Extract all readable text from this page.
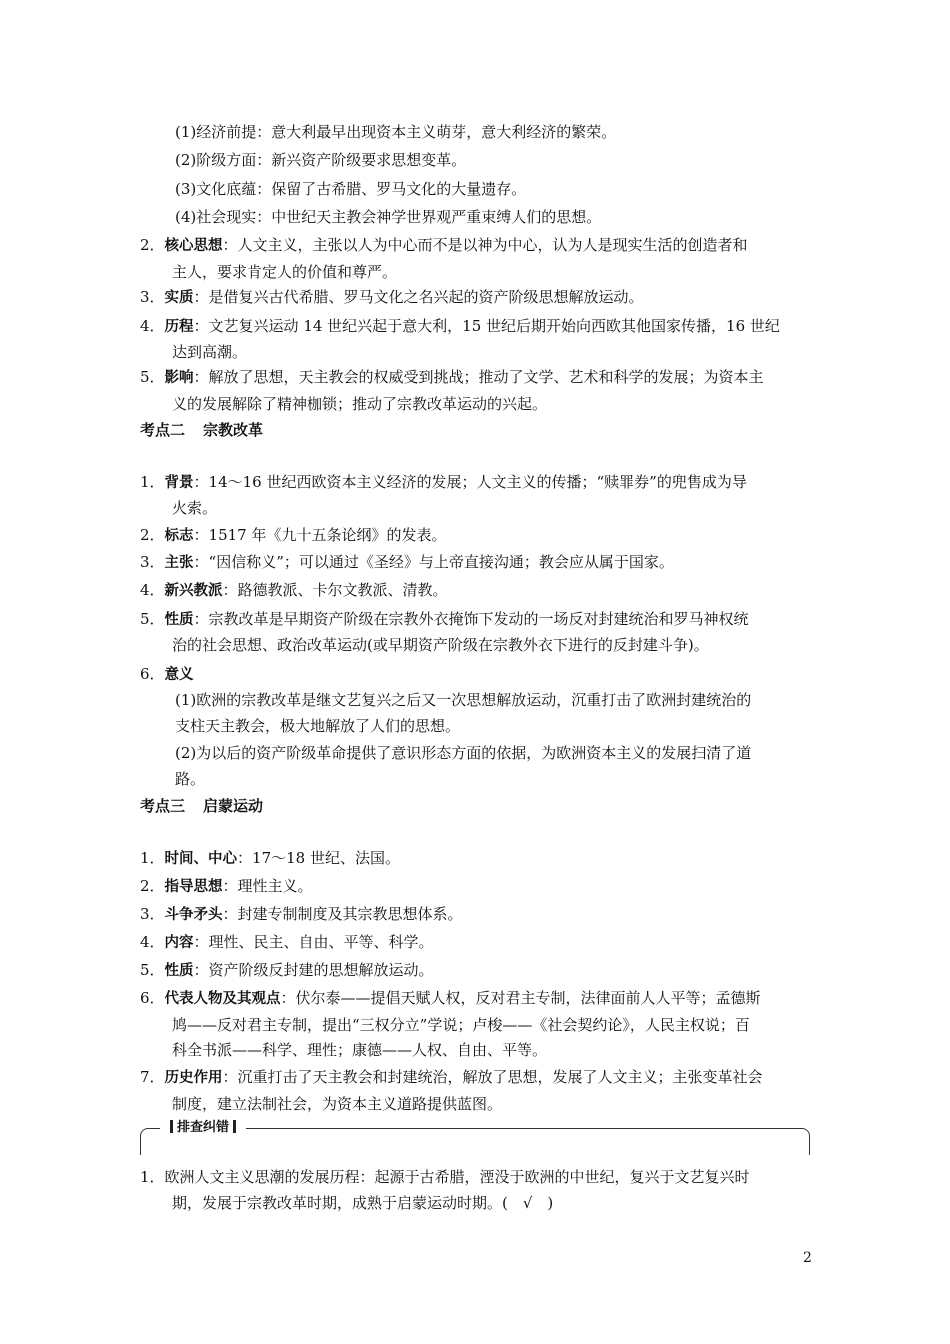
(1)经济前提：意大利最早出现资本主义萌芽，意大利经济的繁荣。
(2)阶级方面：新兴资产阶级要求思想变革。
(3)文化底蕴：保留了古希腊、罗马文化的大量遗存。
(4)社会现实：中世纪天主教会神学世界观严重束缚人们的思想。
2．核心思想：人文主义，主张以人为中心而不是以神为中心，认为人是现实生活的创造者和
主人，要求肯定人的价值和尊严。
3．实质：是借复兴古代希腊、罗马文化之名兴起的资产阶级思想解放运动。
4．历程：文艺复兴运动 14 世纪兴起于意大利，15 世纪后期开始向西欧其他国家传播，16 世纪
达到高潮。
5．影响：解放了思想，天主教会的权威受到挑战；推动了文学、艺术和科学的发展；为资本主
义的发展解除了精神枷锁；推动了宗教改革运动的兴起。
考点二 宗教改革
1．背景：14～16 世纪西欧资本主义经济的发展；人文主义的传播；“赎罪券”的兜售成为导
火索。
2．标志：1517 年《九十五条论纲》的发表。
3．主张：“因信称义”；可以通过《圣经》与上帝直接沟通；教会应从属于国家。
4．新兴教派：路德教派、卡尔文教派、清教。
5．性质：宗教改革是早期资产阶级在宗教外衣掩饰下发动的一场反对封建统治和罗马神权统
治的社会思想、政治改革运动(或早期资产阶级在宗教外衣下进行的反封建斗争)。
6．意义
(1)欧洲的宗教改革是继文艺复兴之后又一次思想解放运动，沉重打击了欧洲封建统治的
支柱天主教会，极大地解放了人们的思想。
(2)为以后的资产阶级革命提供了意识形态方面的依据，为欧洲资本主义的发展扫清了道
路。
考点三 启蒙运动
1．时间、中心：17～18 世纪、法国。
2．指导思想：理性主义。
3．斗争矛头：封建专制制度及其宗教思想体系。
4．内容：理性、民主、自由、平等、科学。
5．性质：资产阶级反封建的思想解放运动。
6．代表人物及其观点：伏尔泰——提倡天赋人权，反对君主专制，法律面前人人平等；孟德斯
鸠——反对君主专制，提出“三权分立”学说；卢梭——《社会契约论》，人民主权说；百
科全书派——科学、理性；康德——人权、自由、平等。
7．历史作用：沉重打击了天主教会和封建统治，解放了思想，发展了人文主义；主张变革社会
制度，建立法制社会，为资本主义道路提供蓝图。
排查纠错
1．欧洲人文主义思潮的发展历程：起源于古希腊，湮没于欧洲的中世纪，复兴于文艺复兴时
期，发展于宗教改革时期，成熟于启蒙运动时期。(　√　)
2
